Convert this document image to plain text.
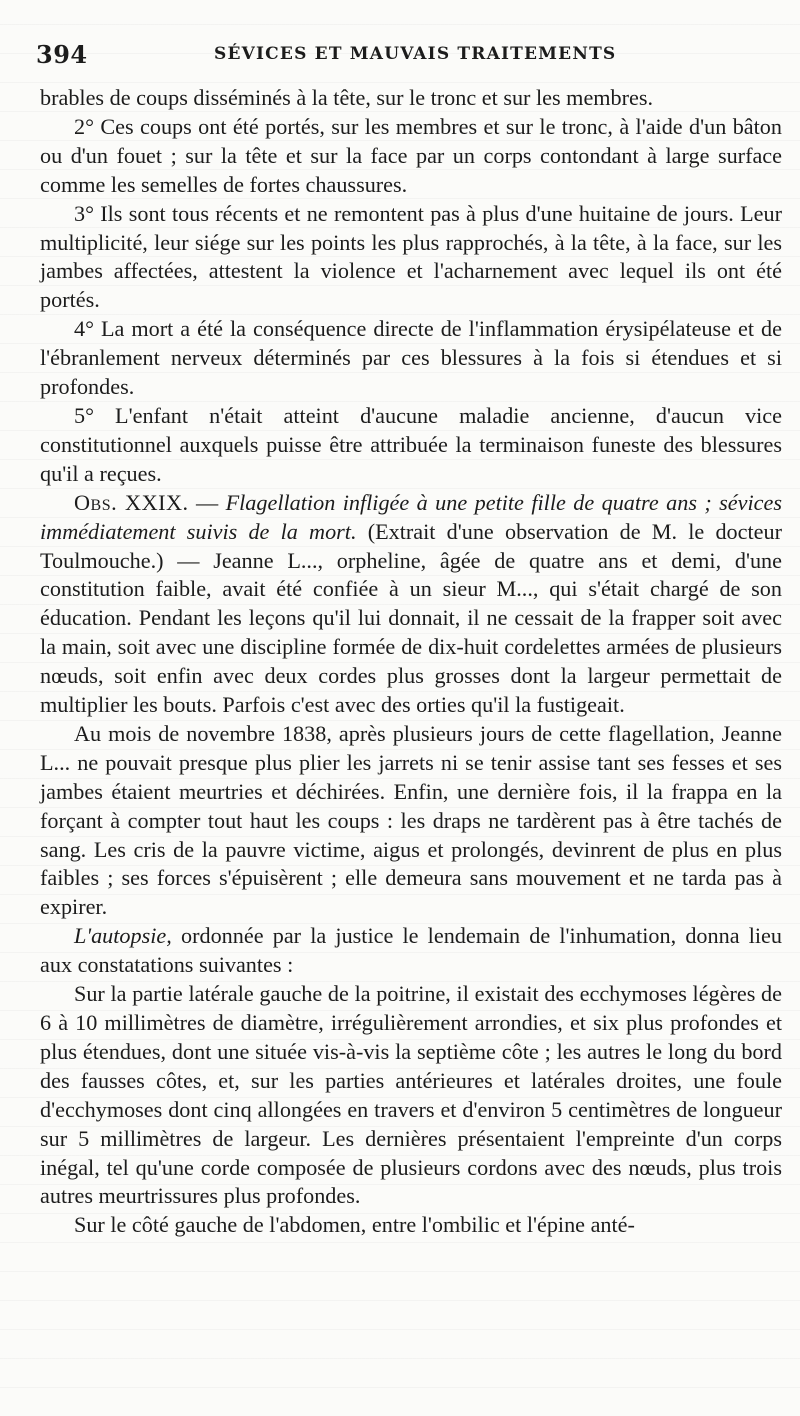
394	SÉVICES ET MAUVAIS TRAITEMENTS

brables de coups disséminés à la tête, sur le tronc et sur les membres.

2° Ces coups ont été portés, sur les membres et sur le tronc, à l'aide d'un bâton ou d'un fouet ; sur la tête et sur la face par un corps contondant à large surface comme les semelles de fortes chaussures.

3° Ils sont tous récents et ne remontent pas à plus d'une huitaine de jours. Leur multiplicité, leur siége sur les points les plus rapprochés, à la tête, à la face, sur les jambes affectées, attestent la violence et l'acharnement avec lequel ils ont été portés.

4° La mort a été la conséquence directe de l'inflammation érysipélateuse et de l'ébranlement nerveux déterminés par ces blessures à la fois si étendues et si profondes.

5° L'enfant n'était atteint d'aucune maladie ancienne, d'aucun vice constitutionnel auxquels puisse être attribuée la terminaison funeste des blessures qu'il a reçues.

Obs. XXIX. — Flagellation infligée à une petite fille de quatre ans ; sévices immédiatement suivis de la mort. (Extrait d'une observation de M. le docteur Toulmouche.) — Jeanne L..., orpheline, âgée de quatre ans et demi, d'une constitution faible, avait été confiée à un sieur M..., qui s'était chargé de son éducation. Pendant les leçons qu'il lui donnait, il ne cessait de la frapper soit avec la main, soit avec une discipline formée de dix-huit cordelettes armées de plusieurs nœuds, soit enfin avec deux cordes plus grosses dont la largeur permettait de multiplier les bouts. Parfois c'est avec des orties qu'il la fustigeait.

Au mois de novembre 1838, après plusieurs jours de cette flagellation, Jeanne L... ne pouvait presque plus plier les jarrets ni se tenir assise tant ses fesses et ses jambes étaient meurtries et déchirées. Enfin, une dernière fois, il la frappa en la forçant à compter tout haut les coups : les draps ne tardèrent pas à être tachés de sang. Les cris de la pauvre victime, aigus et prolongés, devinrent de plus en plus faibles ; ses forces s'épuisèrent ; elle demeura sans mouvement et ne tarda pas à expirer.

L'autopsie, ordonnée par la justice le lendemain de l'inhumation, donna lieu aux constatations suivantes :

Sur la partie latérale gauche de la poitrine, il existait des ecchymoses légères de 6 à 10 millimètres de diamètre, irrégulièrement arrondies, et six plus profondes et plus étendues, dont une située vis-à-vis la septième côte ; les autres le long du bord des fausses côtes, et, sur les parties antérieures et latérales droites, une foule d'ecchymoses dont cinq allongées en travers et d'environ 5 centimètres de longueur sur 5 millimètres de largeur. Les dernières présentaient l'empreinte d'un corps inégal, tel qu'une corde composée de plusieurs cordons avec des nœuds, plus trois autres meurtrissures plus profondes.

Sur le côté gauche de l'abdomen, entre l'ombilic et l'épine anté-
